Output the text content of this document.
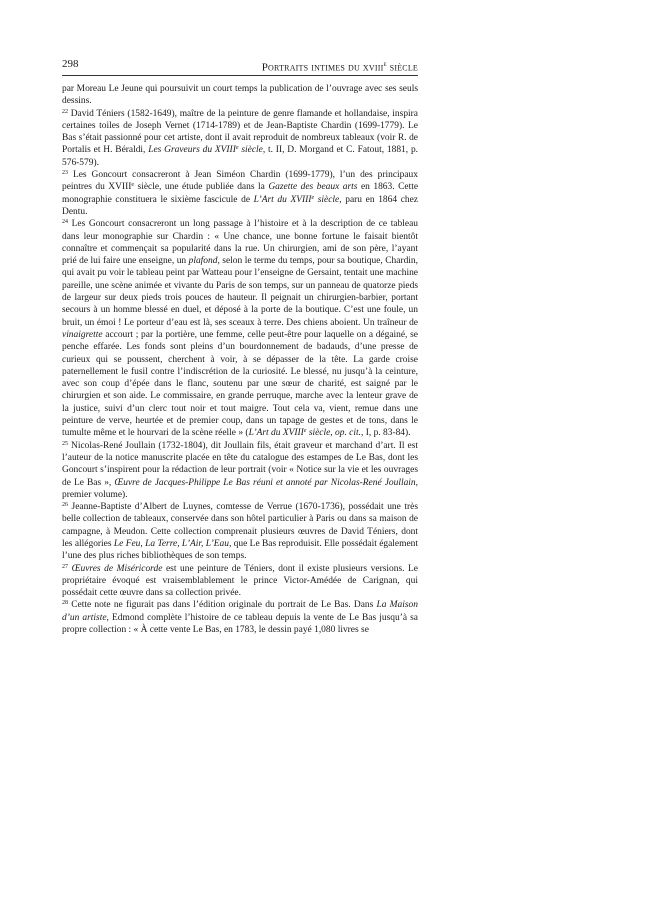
298	Portraits intimes du xviii$^e$ siècle

par Moreau Le Jeune qui poursuivit un court temps la publication de l’ouvrage avec ses seuls dessins.

$^{22}$ David Téniers (1582-1649), maître de la peinture de genre flamande et hollandaise, inspira certaines toiles de Joseph Vernet (1714-1789) et de Jean-Baptiste Chardin (1699-1779). Le Bas s’était passionné pour cet artiste, dont il avait reproduit de nombreux tableaux (voir R. de Portalis et H. Béraldi, Les Graveurs du XVIIIe siècle, t. II, D. Morgand et C. Fatout, 1881, p. 576-579).

$^{23}$ Les Goncourt consacreront à Jean Siméon Chardin (1699-1779), l’un des principaux peintres du XVIIIe siècle, une étude publiée dans la Gazette des beaux arts en 1863. Cette monographie constituera le sixième fascicule de L’Art du XVIIIe siècle, paru en 1864 chez Dentu.

$^{24}$ Les Goncourt consacreront un long passage à l’histoire et à la description de ce tableau dans leur monographie sur Chardin : « Une chance, une bonne fortune le faisait bientôt connaître et commençait sa popularité dans la rue. Un chirurgien, ami de son père, l’ayant prié de lui faire une enseigne, un plafond, selon le terme du temps, pour sa boutique, Chardin, qui avait pu voir le tableau peint par Watteau pour l’enseigne de Gersaint, tentait une machine pareille, une scène animée et vivante du Paris de son temps, sur un panneau de quatorze pieds de largeur sur deux pieds trois pouces de hauteur. Il peignait un chirurgien-barbier, portant secours à un homme blessé en duel, et déposé à la porte de la boutique. C’est une foule, un bruit, un émoi ! Le porteur d’eau est là, ses sceaux à terre. Des chiens aboient. Un traîneur de vinaigrette accourt ; par la portière, une femme, celle peut-être pour laquelle on a dégainé, se penche effarée. Les fonds sont pleins d’un bourdonnement de badauds, d’une presse de curieux qui se poussent, cherchent à voir, à se dépasser de la tête. La garde croise paternellement le fusil contre l’indiscrétion de la curiosité. Le blessé, nu jusqu’à la ceinture, avec son coup d’épée dans le flanc, soutenu par une sœur de charité, est saigné par le chirurgien et son aide. Le commissaire, en grande perruque, marche avec la lenteur grave de la justice, suivi d’un clerc tout noir et tout maigre. Tout cela va, vient, remue dans une peinture de verve, heurtée et de premier coup, dans un tapage de gestes et de tons, dans le tumulte même et le hourvari de la scène réelle » (L’Art du XVIIIe siècle, op. cit., I, p. 83-84).

$^{25}$ Nicolas-René Joullain (1732-1804), dit Joullain fils, était graveur et marchand d’art. Il est l’auteur de la notice manuscrite placée en tête du catalogue des estampes de Le Bas, dont les Goncourt s’inspirent pour la rédaction de leur portrait (voir « Notice sur la vie et les ouvrages de Le Bas », Œuvre de Jacques-Philippe Le Bas réuni et annoté par Nicolas-René Joullain, premier volume).

$^{26}$ Jeanne-Baptiste d’Albert de Luynes, comtesse de Verrue (1670-1736), possédait une très belle collection de tableaux, conservée dans son hôtel particulier à Paris ou dans sa maison de campagne, à Meudon. Cette collection comprenait plusieurs œuvres de David Téniers, dont les allégories Le Feu, La Terre, L’Air, L’Eau, que Le Bas reproduisit. Elle possédait également l’une des plus riches bibliothèques de son temps.

$^{27}$ Œuvres de Miséricorde est une peinture de Téniers, dont il existe plusieurs versions. Le propriétaire évoqué est vraisemblablement le prince Victor-Amédée de Carignan, qui possédait cette œuvre dans sa collection privée.

$^{28}$ Cette note ne figurait pas dans l’édition originale du portrait de Le Bas. Dans La Maison d’un artiste, Edmond complète l’histoire de ce tableau depuis la vente de Le Bas jusqu’à sa propre collection : « À cette vente Le Bas, en 1783, le dessin payé 1,080 livres se
